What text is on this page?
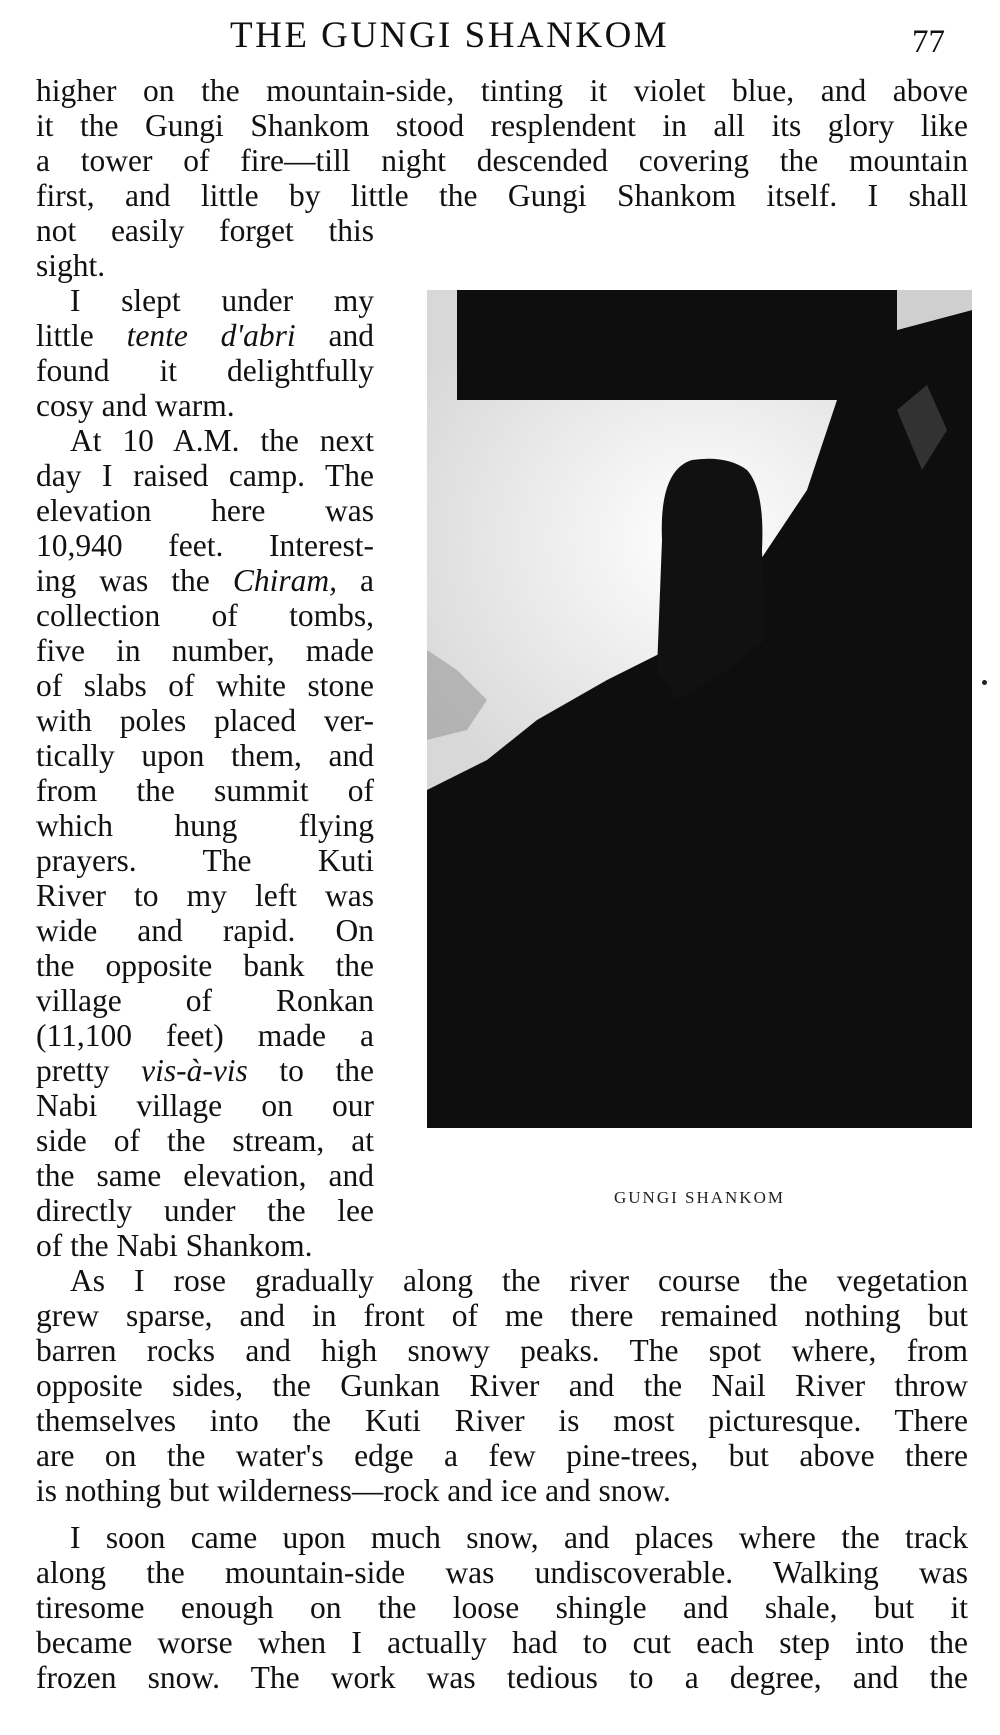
THE GUNGI SHANKOM	77
higher on the mountain-side, tinting it violet blue, and above
it the Gungi Shankom stood resplendent in all its glory like
a tower of fire—till night descended covering the mountain
first, and little by little the Gungi Shankom itself. I shall
not easily forget this
sight.
I slept under my
little tente d'abri and
found it delightfully
cosy and warm.
At 10 A.M. the next
day I raised camp. The
elevation here was
10,940 feet. Interest-
ing was the Chiram, a
collection of tombs,
five in number, made
of slabs of white stone
with poles placed ver-
tically upon them, and
from the summit of
which hung flying
prayers. The Kuti
River to my left was
wide and rapid. On
the opposite bank the
village of Ronkan
(11,100 feet) made a
pretty vis-à-vis to the
Nabi village on our
side of the stream, at
the same elevation, and
directly under the lee
of the Nabi Shankom.
As I rose gradually along the river course the vegetation
grew sparse, and in front of me there remained nothing but
barren rocks and high snowy peaks. The spot where, from
opposite sides, the Gunkan River and the Nail River throw
themselves into the Kuti River is most picturesque. There
are on the water's edge a few pine-trees, but above there
is nothing but wilderness—rock and ice and snow.
I soon came upon much snow, and places where the track
along the mountain-side was undiscoverable. Walking was
tiresome enough on the loose shingle and shale, but it
became worse when I actually had to cut each step into the
frozen snow. The work was tedious to a degree, and the
GUNGI SHANKOM
